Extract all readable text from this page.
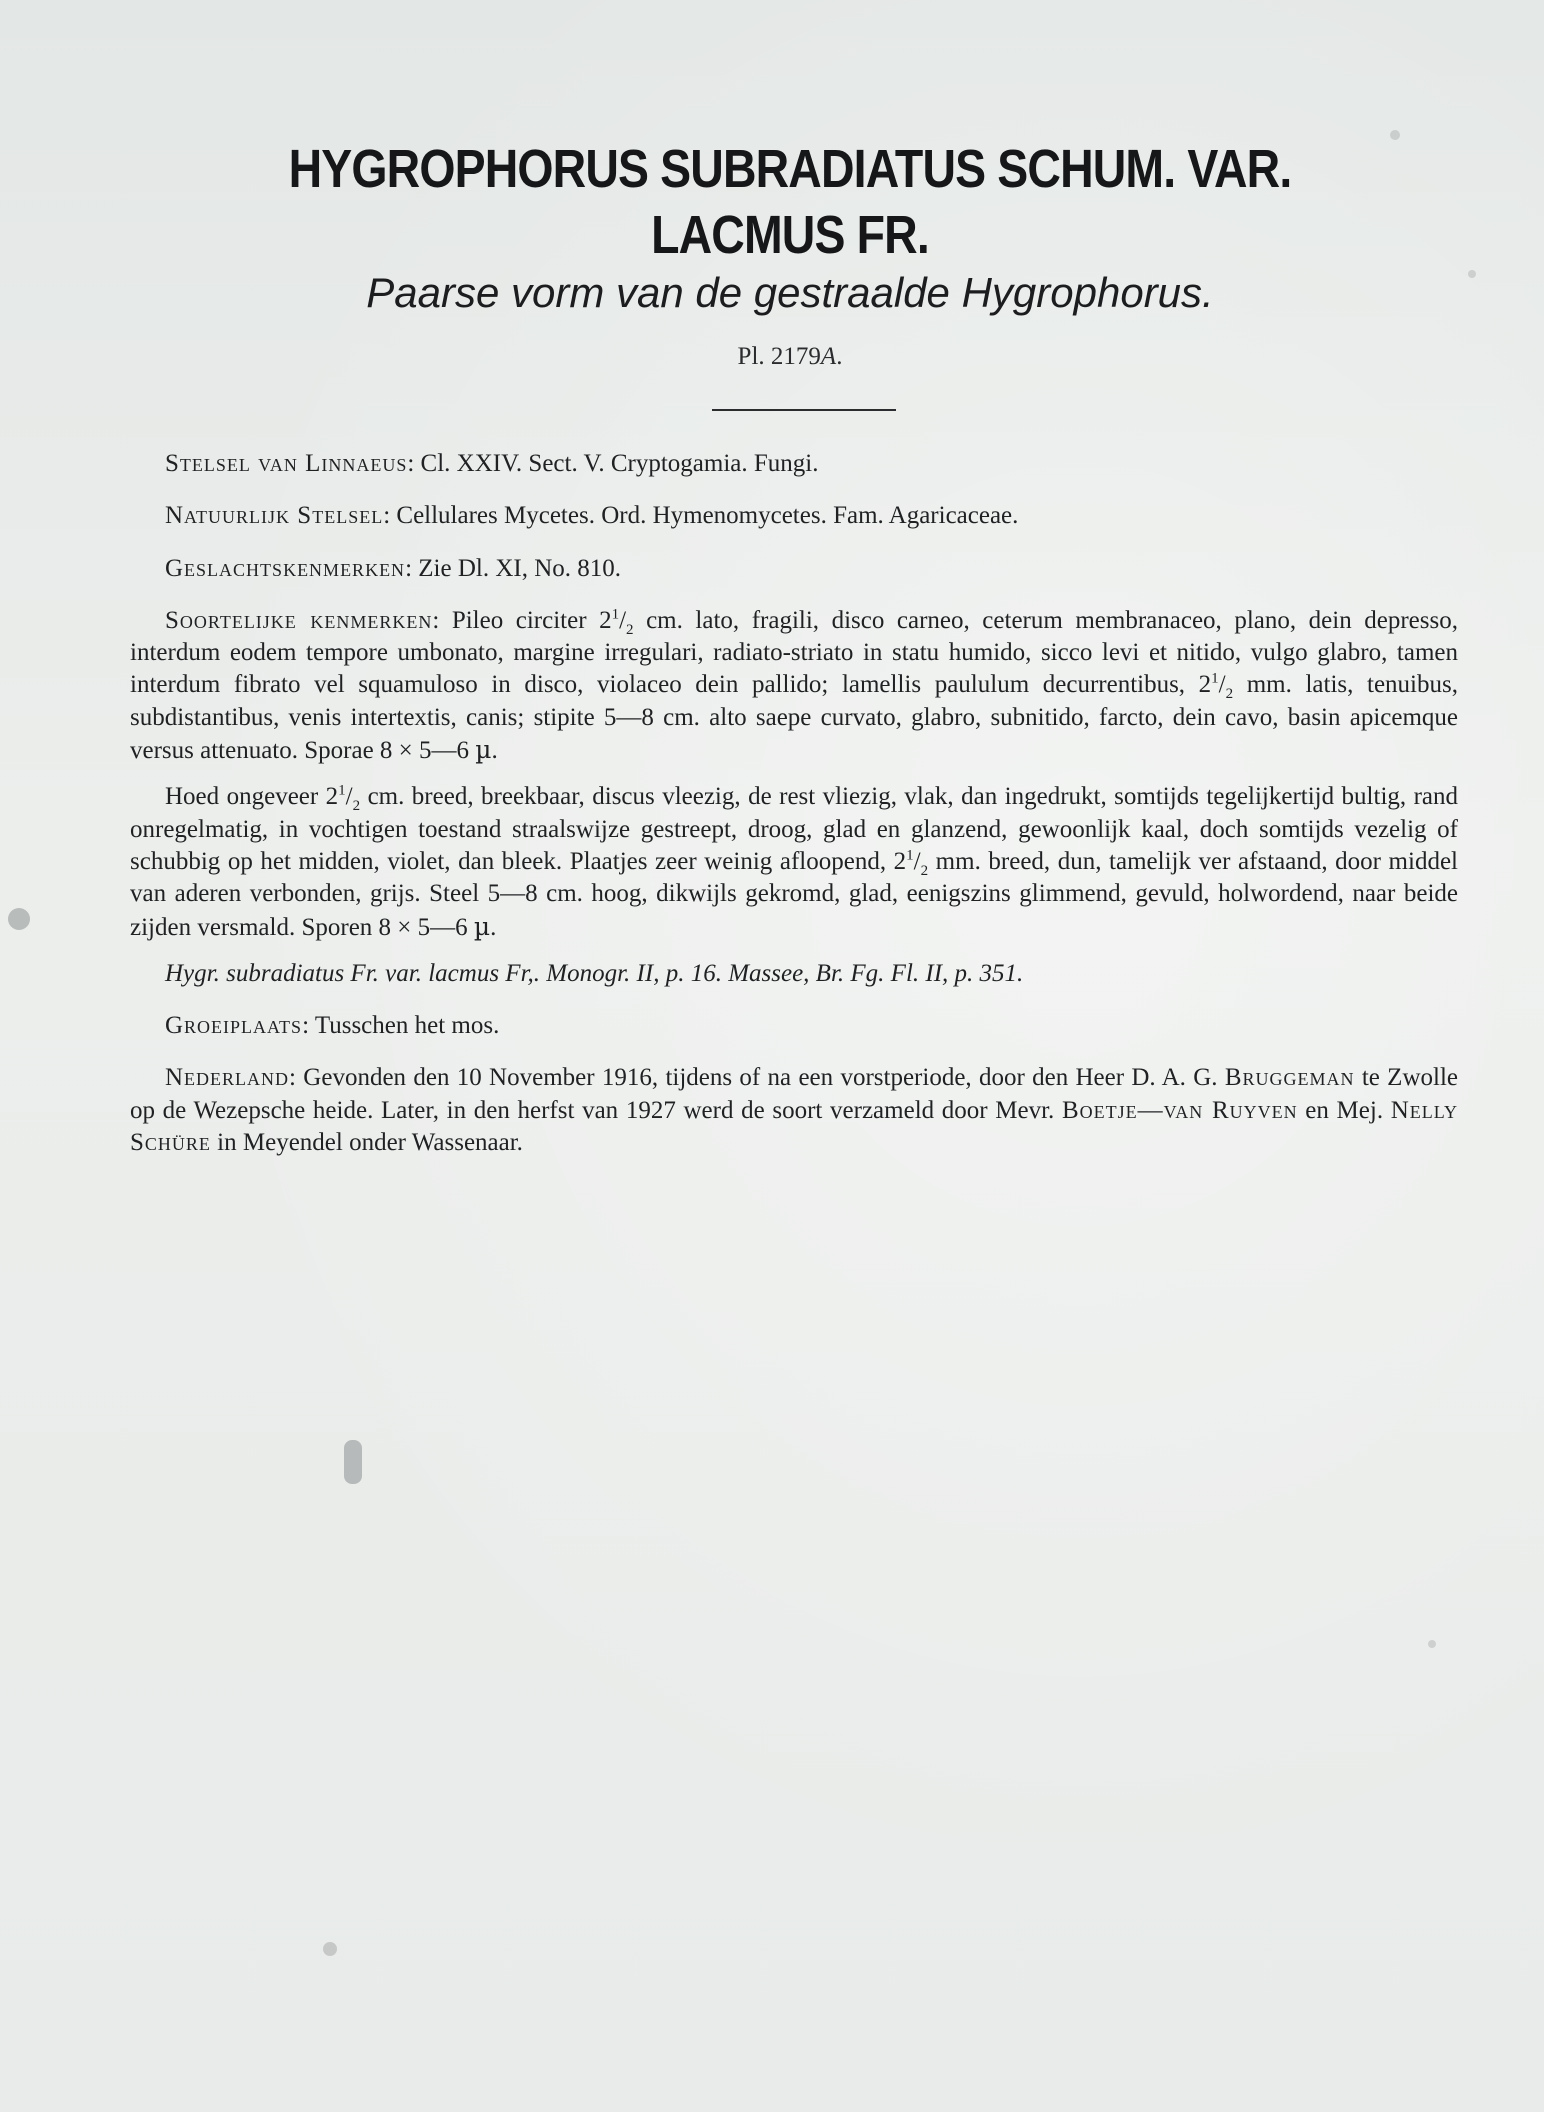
HYGROPHORUS SUBRADIATUS SCHUM. VAR.
LACMUS FR.
Paarse vorm van de gestraalde Hygrophorus.
Pl. 2179A.

Stelsel van Linnaeus: Cl. XXIV. Sect. V. Cryptogamia. Fungi.

Natuurlijk Stelsel: Cellulares Mycetes. Ord. Hymenomycetes. Fam. Agaricaceae.

Geslachtskenmerken: Zie Dl. XI, No. 810.

Soortelijke kenmerken: Pileo circiter $2^1/_2$ cm. lato, fragili, disco carneo, ceterum membranaceo, plano, dein depresso, interdum eodem tempore umbonato, margine irregulari, radiato-striato in statu humido, sicco levi et nitido, vulgo glabro, tamen interdum fibrato vel squamuloso in disco, violaceo dein pallido; lamellis paululum decurrentibus, $2^1/_2$ mm. latis, tenuibus, subdistantibus, venis intertextis, canis; stipite 5—8 cm. alto saepe curvato, glabro, subnitido, farcto, dein cavo, basin apicemque versus attenuato. Sporae 8 × 5—6 µ.

Hoed ongeveer $2^1/_2$ cm. breed, breekbaar, discus vleezig, de rest vliezig, vlak, dan ingedrukt, somtijds tegelijkertijd bultig, rand onregelmatig, in vochtigen toestand straalswijze gestreept, droog, glad en glanzend, gewoonlijk kaal, doch somtijds vezelig of schubbig op het midden, violet, dan bleek. Plaatjes zeer weinig afloopend, $2^1/_2$ mm. breed, dun, tamelijk ver afstaand, door middel van aderen verbonden, grijs. Steel 5—8 cm. hoog, dikwijls gekromd, glad, eenigszins glimmend, gevuld, holwordend, naar beide zijden versmald. Sporen 8 × 5—6 µ.

Hygr. subradiatus Fr. var. lacmus Fr,. Monogr. II, p. 16. Massee, Br. Fg. Fl. II, p. 351.

Groeiplaats: Tusschen het mos.

Nederland: Gevonden den 10 November 1916, tijdens of na een vorstperiode, door den Heer D. A. G. Bruggeman te Zwolle op de Wezepsche heide. Later, in den herfst van 1927 werd de soort verzameld door Mevr. Boetje—van Ruyven en Mej. Nelly Schüre in Meyendel onder Wassenaar.
